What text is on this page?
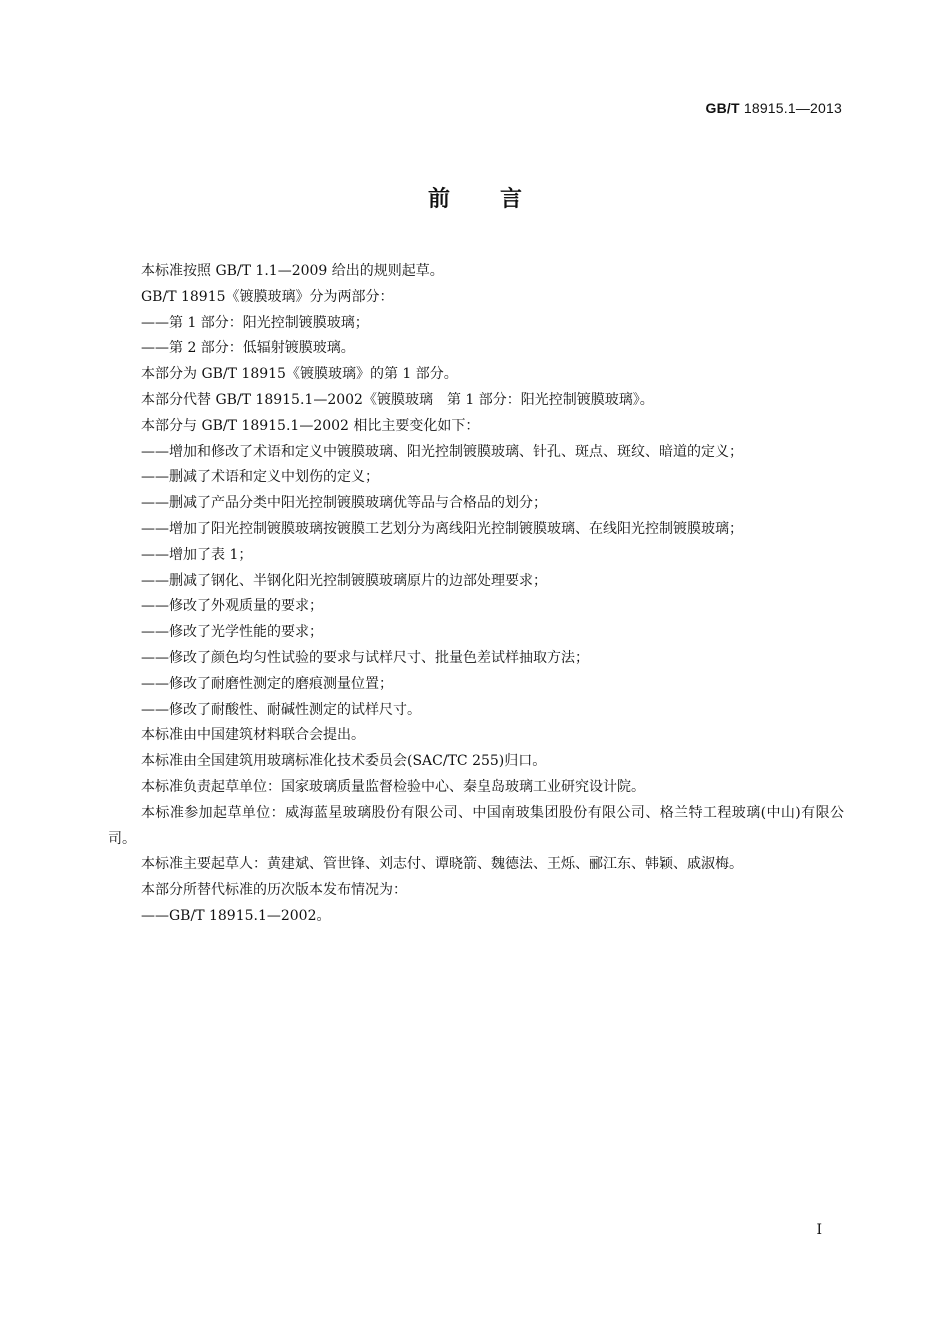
GB/T 18915.1—2013
前言

本标准按照 GB/T 1.1—2009 给出的规则起草。

GB/T 18915《镀膜玻璃》分为两部分：

——第 1 部分：阳光控制镀膜玻璃；

——第 2 部分：低辐射镀膜玻璃。

本部分为 GB/T 18915《镀膜玻璃》的第 1 部分。

本部分代替 GB/T 18915.1—2002《镀膜玻璃　第 1 部分：阳光控制镀膜玻璃》。

本部分与 GB/T 18915.1—2002 相比主要变化如下：

——增加和修改了术语和定义中镀膜玻璃、阳光控制镀膜玻璃、针孔、斑点、斑纹、暗道的定义；

——删减了术语和定义中划伤的定义；

——删减了产品分类中阳光控制镀膜玻璃优等品与合格品的划分；

——增加了阳光控制镀膜玻璃按镀膜工艺划分为离线阳光控制镀膜玻璃、在线阳光控制镀膜玻璃；

——增加了表 1；

——删减了钢化、半钢化阳光控制镀膜玻璃原片的边部处理要求；

——修改了外观质量的要求；

——修改了光学性能的要求；

——修改了颜色均匀性试验的要求与试样尺寸、批量色差试样抽取方法；

——修改了耐磨性测定的磨痕测量位置；

——修改了耐酸性、耐碱性测定的试样尺寸。

本标准由中国建筑材料联合会提出。

本标准由全国建筑用玻璃标准化技术委员会(SAC/TC 255)归口。

本标准负责起草单位：国家玻璃质量监督检验中心、秦皇岛玻璃工业研究设计院。

本标准参加起草单位：威海蓝星玻璃股份有限公司、中国南玻集团股份有限公司、格兰特工程玻璃(中山)有限公司。

本标准主要起草人：黄建斌、管世锋、刘志付、谭晓箭、魏德法、王烁、郦江东、韩颖、戚淑梅。

本部分所替代标准的历次版本发布情况为：

——GB/T 18915.1—2002。

I
